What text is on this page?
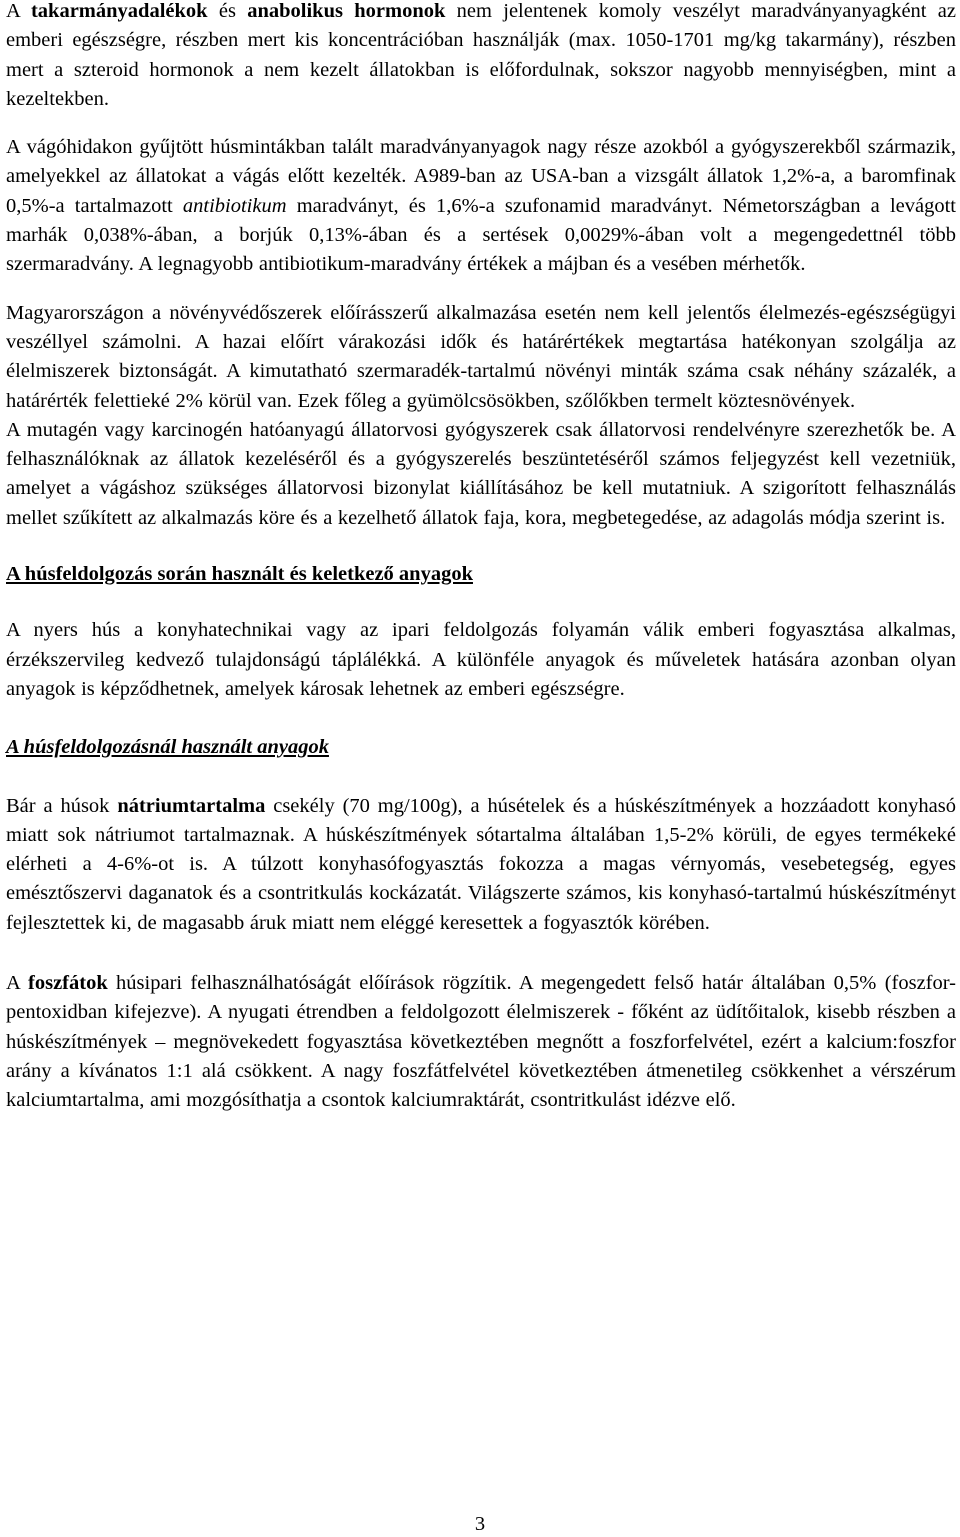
A takarmányadalékok és anabolikus hormonok nem jelentenek komoly veszélyt maradványanyagként az emberi egészségre, részben mert kis koncentrációban használják (max. 1050-1701 mg/kg takarmány), részben mert a szteroid hormonok a nem kezelt állatokban is előfordulnak, sokszor nagyobb mennyiségben, mint a kezeltekben.

A vágóhidakon gyűjtött húsmintákban talált maradványanyagok nagy része azokból a gyógyszerekből származik, amelyekkel az állatokat a vágás előtt kezelték. A989-ban az USA-ban a vizsgált állatok 1,2%-a, a baromfinak 0,5%-a tartalmazott antibiotikum maradványt, és 1,6%-a szufonamid maradványt. Németországban a levágott marhák 0,038%-ában, a borjúk 0,13%-ában és a sertések 0,0029%-ában volt a megengedettnél több szermaradvány. A legnagyobb antibiotikum-maradvány értékek a májban és a vesében mérhetők.

Magyarországon a növényvédőszerek előírásszerű alkalmazása esetén nem kell jelentős élelmezés-egészségügyi veszéllyel számolni. A hazai előírt várakozási idők és határértékek megtartása hatékonyan szolgálja az élelmiszerek biztonságát. A kimutatható szermaradék-tartalmú növényi minták száma csak néhány százalék, a határérték felettieké 2% körül van. Ezek főleg a gyümölcsösökben, szőlőkben termelt köztesnövények.

A mutagén vagy karcinogén hatóanyagú állatorvosi gyógyszerek csak állatorvosi rendelvényre szerezhetők be. A felhasználóknak az állatok kezeléséről és a gyógyszerelés beszüntetéséről számos feljegyzést kell vezetniük, amelyet a vágáshoz szükséges állatorvosi bizonylat kiállításához be kell mutatniuk. A szigorított felhasználás mellet szűkített az alkalmazás köre és a kezelhető állatok faja, kora, megbetegedése, az adagolás módja szerint is.

A húsfeldolgozás során használt és keletkező anyagok

A nyers hús a konyhatechnikai vagy az ipari feldolgozás folyamán válik emberi fogyasztása alkalmas, érzékszervileg kedvező tulajdonságú táplálékká. A különféle anyagok és műveletek hatására azonban olyan anyagok is képződhetnek, amelyek károsak lehetnek az emberi egészségre.

A húsfeldolgozásnál használt anyagok

Bár a húsok nátriumtartalma csekély (70 mg/100g), a húsételek és a húskészítmények a hozzáadott konyhasó miatt sok nátriumot tartalmaznak. A húskészítmények sótartalma általában 1,5-2% körüli, de egyes termékeké elérheti a 4-6%-ot is. A túlzott konyhasófogyasztás fokozza a magas vérnyomás, vesebetegség, egyes emésztőszervi daganatok és a csontritkulás kockázatát. Világszerte számos, kis konyhasó-tartalmú húskészítményt fejlesztettek ki, de magasabb áruk miatt nem eléggé keresettek a fogyasztók körében.

A foszfátok húsipari felhasználhatóságát előírások rögzítik. A megengedett felső határ általában 0,5% (foszfor-pentoxidban kifejezve). A nyugati étrendben a feldolgozott élelmiszerek - főként az üdítőitalok, kisebb részben a húskészítmények – megnövekedett fogyasztása következtében megnőtt a foszforfelvétel, ezért a kalcium:foszfor arány a kívánatos 1:1 alá csökkent. A nagy foszfátfelvétel következtében átmenetileg csökkenhet a vérszérum kalciumtartalma, ami mozgósíthatja a csontok kalciumraktárát, csontritkulást idézve elő.

3
